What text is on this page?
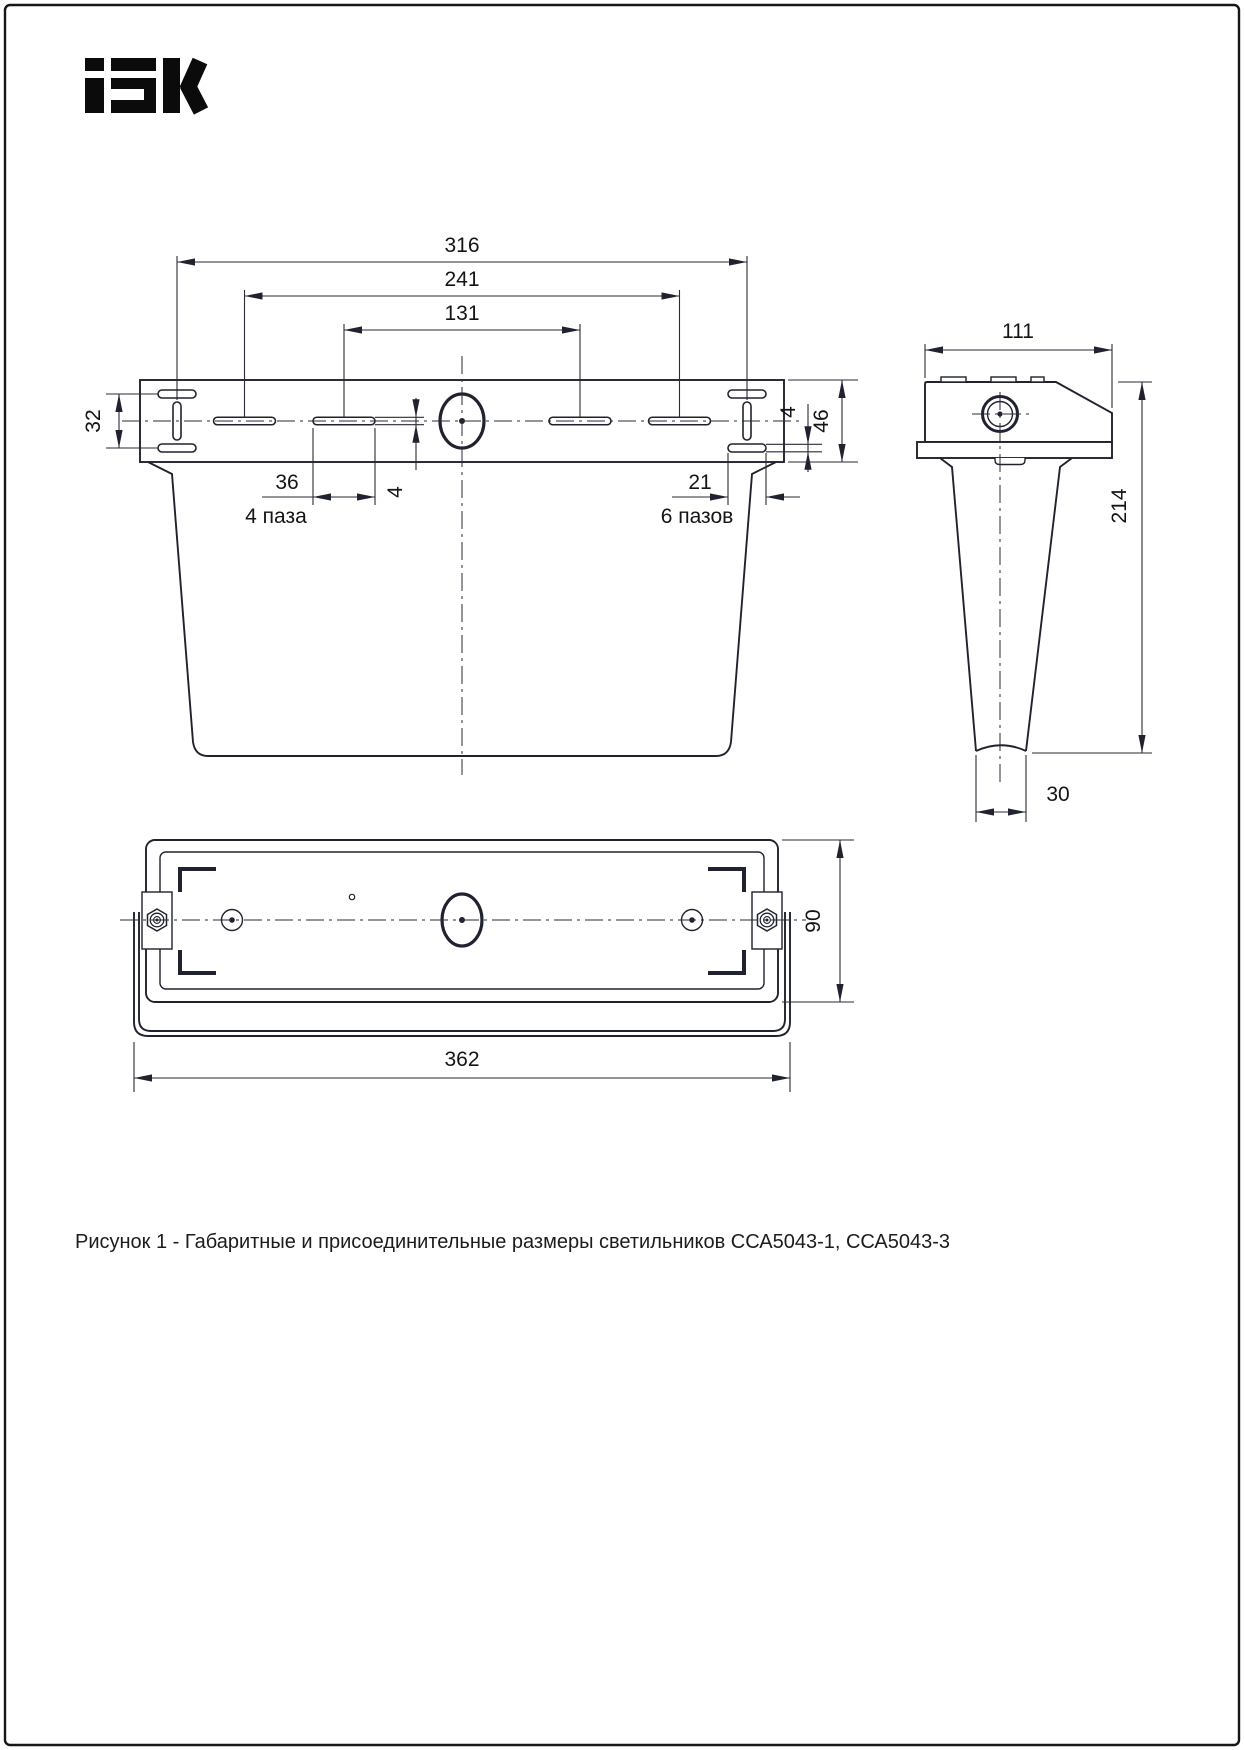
316
241
131
32
36
4 паза
4	21
6 пазов
4 46
111
214
30
90
362
Рисунок 1 - Габаритные и присоединительные размеры светильников ССА5043-1, ССА5043-3
